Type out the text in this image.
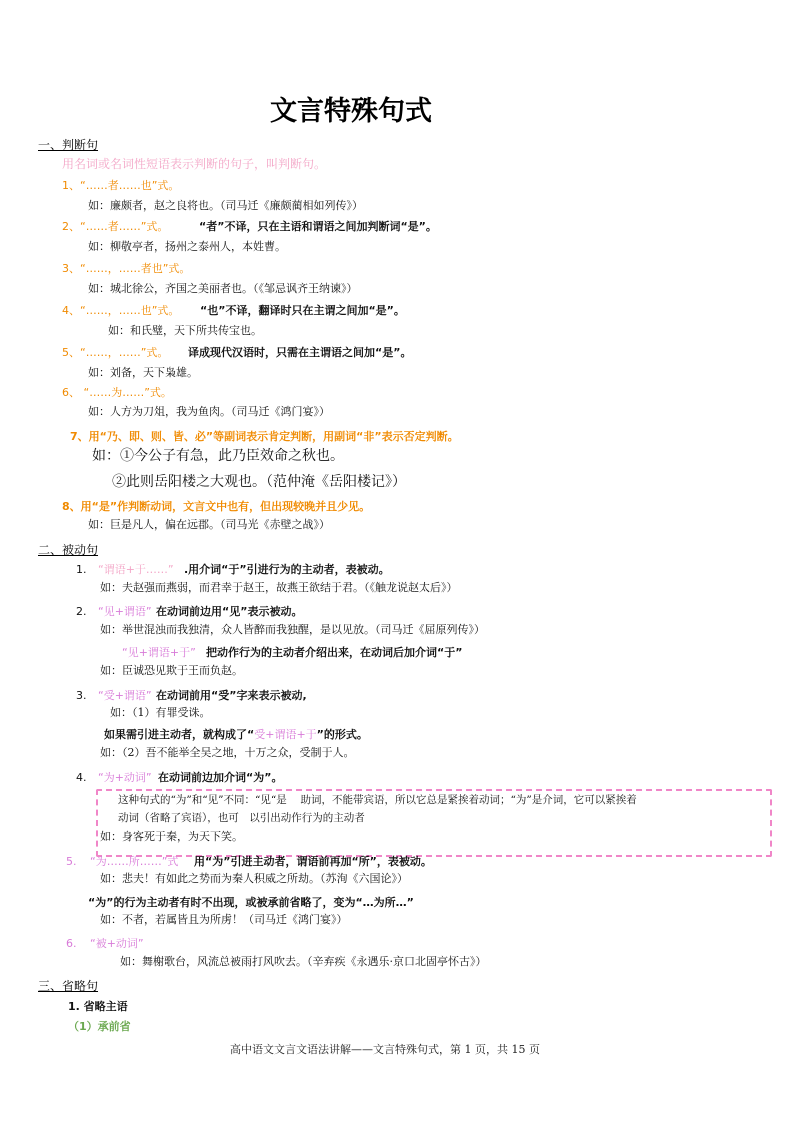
文言特殊句式
一、判断句
用名词或名词性短语表示判断的句子，叫判断句。
1、“……者……也”式。
如：廉颇者，赵之良将也。（司马迁《廉颇蔺相如列传》）
2、“……者……”式。	“者”不译，只在主语和谓语之间加判断词“是”。
如：柳敬亭者，扬州之泰州人，本姓曹。
3、“……，……者也”式。
如：城北徐公，齐国之美丽者也。（《邹忌讽齐王纳谏》）
4、“……，……也”式。 “也”不译，翻译时只在主谓之间加“是”。
如：和氏璧，天下所共传宝也。
5、“……，……”式。 译成现代汉语时，只需在主谓语之间加“是”。
如：刘备，天下枭雄。
6、 “……为……”式。
如：人方为刀俎，我为鱼肉。（司马迁《鸿门宴》）
7、用“乃、即、则、皆、必”等副词表示肯定判断，用副词“非”表示否定判断。
如：①今公子有急，此乃臣效命之秋也。
②此则岳阳楼之大观也。（范仲淹《岳阳楼记》）
8、用“是”作判断动词，文言文中也有，但出现较晚并且少见。
如：巨是凡人，偏在远郡。（司马光《赤壁之战》）
二、被动句
1. “谓语+于……” .用介词“于”引进行为的主动者，表被动。
如：夫赵强而燕弱，而君幸于赵王，故燕王欲结于君。（《触龙说赵太后》）
2. “见+谓语” 在动词前边用“见”表示被动。
如：举世混浊而我独清，众人皆醉而我独醒，是以见放。（司马迁《屈原列传》）
“见+谓语+于” 把动作行为的主动者介绍出来，在动词后加介词“于”
如：臣诚恐见欺于王而负赵。
3. “受+谓语” 在动词前用“受”字来表示被动,
如：（1）有罪受诛。
如果需引进主动者，就构成了“受+谓语+于”的形式。
如：（2）吾不能举全吴之地，十万之众，受制于人。
4. “为+动词” 在动词前边加介词“为”。
这种句式的“为”和“见”不同：“见“是　 助词，不能带宾语，所以它总是紧挨着动词；“为”是介词，它可以紧挨着
动词（省略了宾语），也可　以引出动作行为的主动者
如：身客死于秦，为天下笑。
5. “为……所……”式 用“为”引进主动者，谓语前再加“所”，表被动。
如：悲夫！有如此之势而为秦人积威之所劫。（苏洵《六国论》）
“为”的行为主动者有时不出现，或被承前省略了，变为“…为所…”
如：不者，若属皆且为所虏！（司马迁《鸿门宴》）
6. “被+动词”
如：舞榭歌台，风流总被雨打风吹去。（辛弃疾《永遇乐·京口北固亭怀古》）
三、省略句
1. 省略主语
（1）承前省
高中语文文言文语法讲解——文言特殊句式，第 1 页，共 15 页
